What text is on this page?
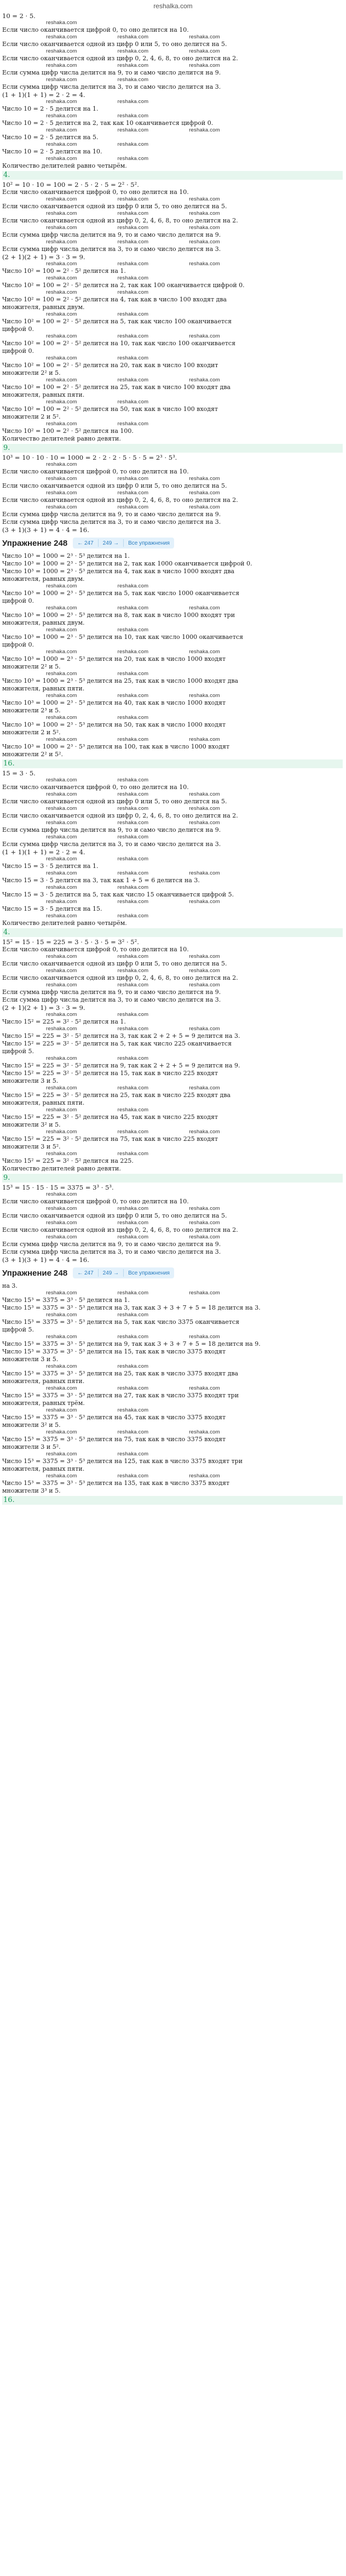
reshalka.com
10 = 2 · 5.
reshaka.com
Если число оканчивается цифрой 0, то оно делится на 10.
reshaka.com	reshaka.com	reshaka.com
Если число оканчивается одной из цифр 0 или 5, то оно делится на 5.
reshaka.com	reshaka.com	reshaka.com
Если число оканчивается одной из цифр 0, 2, 4, 6, 8, то оно делится на 2.
reshaka.com	reshaka.com	reshaka.com
Если сумма цифр числа делится на 9, то и само число делится на 9.
reshaka.com	reshaka.com
Если сумма цифр числа делится на 3, то и само число делится на 3.
(1 + 1)(1 + 1) = 2 · 2 = 4.
reshaka.com	reshaka.com
Число 10 = 2 · 5 делится на 1.
reshaka.com	reshaka.com
Число 10 = 2 · 5 делится на 2, так как 10 оканчивается цифрой 0.
reshaka.com	reshaka.com	reshaka.com
Число 10 = 2 · 5 делится на 5.
reshaka.com	reshaka.com
Число 10 = 2 · 5 делится на 10.
reshaka.com	reshaka.com
Количество делителей равно четырём.
4.
10² = 10 · 10 = 100 = 2 · 5 · 2 · 5 = 2² · 5².
Если число оканчивается цифрой 0, то оно делится на 10.
reshaka.com	reshaka.com	reshaka.com
Если число оканчивается одной из цифр 0 или 5, то оно делится на 5.
reshaka.com	reshaka.com	reshaka.com
Если число оканчивается одной из цифр 0, 2, 4, 6, 8, то оно делится на 2.
reshaka.com	reshaka.com	reshaka.com
Если сумма цифр числа делится на 9, то и само число делится на 9.
reshaka.com	reshaka.com	reshaka.com
Если сумма цифр числа делится на 3, то и само число делится на 3.
(2 + 1)(2 + 1) = 3 · 3 = 9.
reshaka.com	reshaka.com	reshaka.com
Число 10² = 100 = 2² · 5² делится на 1.
reshaka.com	reshaka.com
Число 10² = 100 = 2² · 5² делится на 2, так как 100 оканчивается цифрой 0.
reshaka.com	reshaka.com
Число 10² = 100 = 2² · 5² делится на 4, так как в число 100 входят два
множителя, равных двум.
reshaka.com	reshaka.com
Число 10² = 100 = 2² · 5² делится на 5, так как число 100 оканчивается
цифрой 0.
reshaka.com	reshaka.com	reshaka.com
Число 10² = 100 = 2² · 5² делится на 10, так как число 100 оканчивается
цифрой 0.
reshaka.com	reshaka.com
Число 10² = 100 = 2² · 5² делится на 20, так как в число 100 входит
множители 2² и 5.
reshaka.com	reshaka.com	reshaka.com
Число 10² = 100 = 2² · 5² делится на 25, так как в число 100 входят два
множителя, равных пяти.
reshaka.com	reshaka.com
Число 10² = 100 = 2² · 5² делится на 50, так как в число 100 входят
множители 2 и 5².
reshaka.com	reshaka.com
Число 10² = 100 = 2² · 5² делится на 100.
Количество делителей равно девяти.
9.
10³ = 10 · 10 · 10 = 1000 = 2 · 2 · 2 · 5 · 5 · 5 = 2³ · 5³.
reshaka.com
Если число оканчивается цифрой 0, то оно делится на 10.
reshaka.com	reshaka.com	reshaka.com
Если число оканчивается одной из цифр 0 или 5, то оно делится на 5.
reshaka.com	reshaka.com	reshaka.com
Если число оканчивается одной из цифр 0, 2, 4, 6, 8, то оно делится на 2.
reshaka.com	reshaka.com	reshaka.com
Если сумма цифр числа делится на 9, то и само число делится на 9.
Если сумма цифр числа делится на 3, то и само число делится на 3.
(3 + 1)(3 + 1) = 4 · 4 = 16.
Упражнение 248	← 247	249 →	Все упражнения
Число 10³ = 1000 = 2³ · 5³ делится на 1.
Число 10³ = 1000 = 2³ · 5³ делится на 2, так как 1000 оканчивается цифрой 0.
Число 10³ = 1000 = 2³ · 5³ делится на 4, так как в число 1000 входят два
множителя, равных двум.
reshaka.com	reshaka.com
Число 10³ = 1000 = 2³ · 5³ делится на 5, так как число 1000 оканчивается
цифрой 0.
reshaka.com	reshaka.com	reshaka.com
Число 10³ = 1000 = 2³ · 5³ делится на 8, так как в число 1000 входят три
множителя, равных двум.
reshaka.com	reshaka.com
Число 10³ = 1000 = 2³ · 5³ делится на 10, так как число 1000 оканчивается
цифрой 0.
reshaka.com	reshaka.com	reshaka.com
Число 10³ = 1000 = 2³ · 5³ делится на 20, так как в число 1000 входят
множители 2² и 5.
reshaka.com	reshaka.com
Число 10³ = 1000 = 2³ · 5³ делится на 25, так как в число 1000 входят два
множителя, равных пяти.
reshaka.com	reshaka.com	reshaka.com
Число 10³ = 1000 = 2³ · 5³ делится на 40, так как в число 1000 входят
множители 2³ и 5.
reshaka.com	reshaka.com
Число 10³ = 1000 = 2³ · 5³ делится на 50, так как в число 1000 входят
множители 2 и 5².
reshaka.com	reshaka.com	reshaka.com
Число 10³ = 1000 = 2³ · 5³ делится на 100, так как в число 1000 входят
множители 2² и 5².
16.
15 = 3 · 5.
reshaka.com	reshaka.com
Если число оканчивается цифрой 0, то оно делится на 10.
reshaka.com	reshaka.com	reshaka.com
Если число оканчивается одной из цифр 0 или 5, то оно делится на 5.
reshaka.com	reshaka.com	reshaka.com
Если число оканчивается одной из цифр 0, 2, 4, 6, 8, то оно делится на 2.
reshaka.com	reshaka.com	reshaka.com
Если сумма цифр числа делится на 9, то и само число делится на 9.
reshaka.com	reshaka.com
Если сумма цифр числа делится на 3, то и само число делится на 3.
(1 + 1)(1 + 1) = 2 · 2 = 4.
reshaka.com	reshaka.com
Число 15 = 3 · 5 делится на 1.
reshaka.com	reshaka.com	reshaka.com
Число 15 = 3 · 5 делится на 3, так как 1 + 5 = 6 делится на 3.
reshaka.com	reshaka.com
Число 15 = 3 · 5 делится на 5, так как число 15 оканчивается цифрой 5.
reshaka.com	reshaka.com	reshaka.com
Число 15 = 3 · 5 делится на 15.
reshaka.com	reshaka.com
Количество делителей равно четырём.
4.
15² = 15 · 15 = 225 = 3 · 5 · 3 · 5 = 3² · 5².
Если число оканчивается цифрой 0, то оно делится на 10.
reshaka.com	reshaka.com	reshaka.com
Если число оканчивается одной из цифр 0 или 5, то оно делится на 5.
reshaka.com	reshaka.com	reshaka.com
Если число оканчивается одной из цифр 0, 2, 4, 6, 8, то оно делится на 2.
reshaka.com	reshaka.com	reshaka.com
Если сумма цифр числа делится на 9, то и само число делится на 9.
Если сумма цифр числа делится на 3, то и само число делится на 3.
(2 + 1)(2 + 1) = 3 · 3 = 9.
reshaka.com	reshaka.com
Число 15² = 225 = 3² · 5² делится на 1.
reshaka.com	reshaka.com	reshaka.com
Число 15² = 225 = 3² · 5² делится на 3, так как 2 + 2 + 5 = 9 делится на 3.
Число 15² = 225 = 3² · 5² делится на 5, так как число 225 оканчивается
цифрой 5.
reshaka.com	reshaka.com
Число 15² = 225 = 3² · 5² делится на 9, так как 2 + 2 + 5 = 9 делится на 9.
Число 15² = 225 = 3² · 5² делится на 15, так как в число 225 входят
множители 3 и 5.
reshaka.com	reshaka.com	reshaka.com
Число 15² = 225 = 3² · 5² делится на 25, так как в число 225 входят два
множителя, равных пяти.
reshaka.com	reshaka.com
Число 15² = 225 = 3² · 5² делится на 45, так как в число 225 входят
множители 3² и 5.
reshaka.com	reshaka.com	reshaka.com
Число 15² = 225 = 3² · 5² делится на 75, так как в число 225 входят
множители 3 и 5².
reshaka.com	reshaka.com
Число 15² = 225 = 3² · 5² делится на 225.
Количество делителей равно девяти.
9.
15³ = 15 · 15 · 15 = 3375 = 3³ · 5³.
reshaka.com
Если число оканчивается цифрой 0, то оно делится на 10.
reshaka.com	reshaka.com	reshaka.com
Если число оканчивается одной из цифр 0 или 5, то оно делится на 5.
reshaka.com	reshaka.com	reshaka.com
Если число оканчивается одной из цифр 0, 2, 4, 6, 8, то оно делится на 2.
reshaka.com	reshaka.com	reshaka.com
Если сумма цифр числа делится на 9, то и само число делится на 9.
Если сумма цифр числа делится на 3, то и само число делится на 3.
(3 + 1)(3 + 1) = 4 · 4 = 16.
Упражнение 248	← 247	249 →	Все упражнения
на 3.
reshaka.com	reshaka.com	reshaka.com
Число 15³ = 3375 = 3³ · 5³ делится на 1.
Число 15³ = 3375 = 3³ · 5³ делится на 3, так как 3 + 3 + 7 + 5 = 18 делится на 3.
reshaka.com	reshaka.com
Число 15³ = 3375 = 3³ · 5³ делится на 5, так как число 3375 оканчивается
цифрой 5.
reshaka.com	reshaka.com	reshaka.com
Число 15³ = 3375 = 3³ · 5³ делится на 9, так как 3 + 3 + 7 + 5 = 18 делится на 9.
Число 15³ = 3375 = 3³ · 5³ делится на 15, так как в число 3375 входят
множители 3 и 5.
reshaka.com	reshaka.com
Число 15³ = 3375 = 3³ · 5³ делится на 25, так как в число 3375 входят два
множителя, равных пяти.
reshaka.com	reshaka.com	reshaka.com
Число 15³ = 3375 = 3³ · 5³ делится на 27, так как в число 3375 входят три
множителя, равных трём.
reshaka.com	reshaka.com
Число 15³ = 3375 = 3³ · 5³ делится на 45, так как в число 3375 входят
множители 3² и 5.
reshaka.com	reshaka.com	reshaka.com
Число 15³ = 3375 = 3³ · 5³ делится на 75, так как в число 3375 входят
множители 3 и 5².
reshaka.com	reshaka.com
Число 15³ = 3375 = 3³ · 5³ делится на 125, так как в число 3375 входят три
множителя, равных пяти.
reshaka.com	reshaka.com	reshaka.com
Число 15³ = 3375 = 3³ · 5³ делится на 135, так как в число 3375 входят
множители 3³ и 5.
16.
